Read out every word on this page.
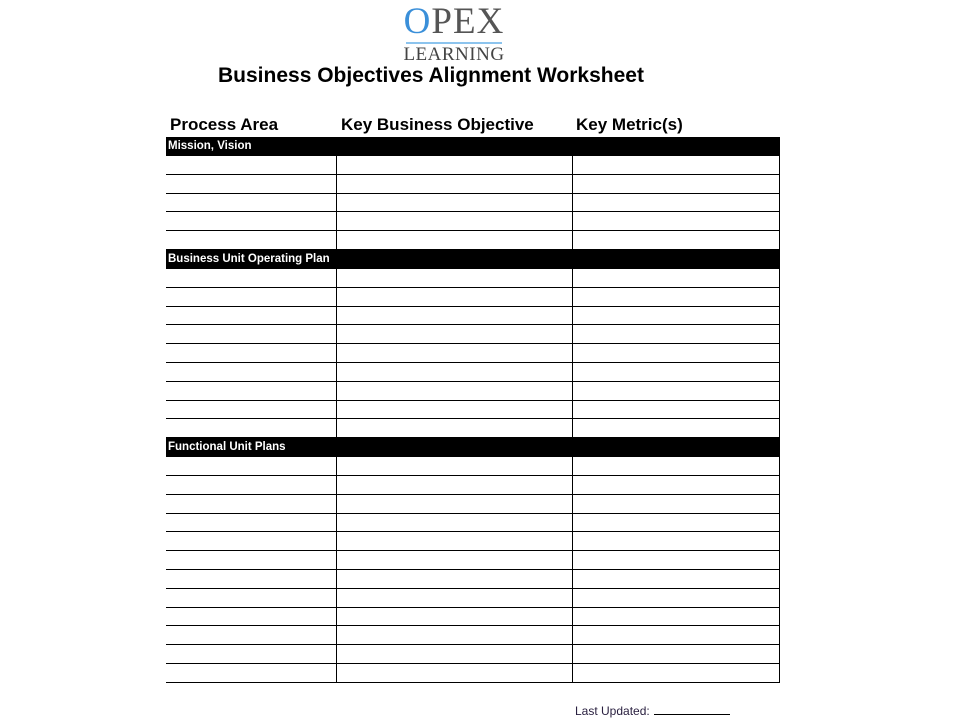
OPEX
LEARNING
Business Objectives Alignment Worksheet
Process Area	Key Business Objective Key Metric(s)
Mission, Vision
Business Unit Operating Plan
Functional Unit Plans
Last Updated:
